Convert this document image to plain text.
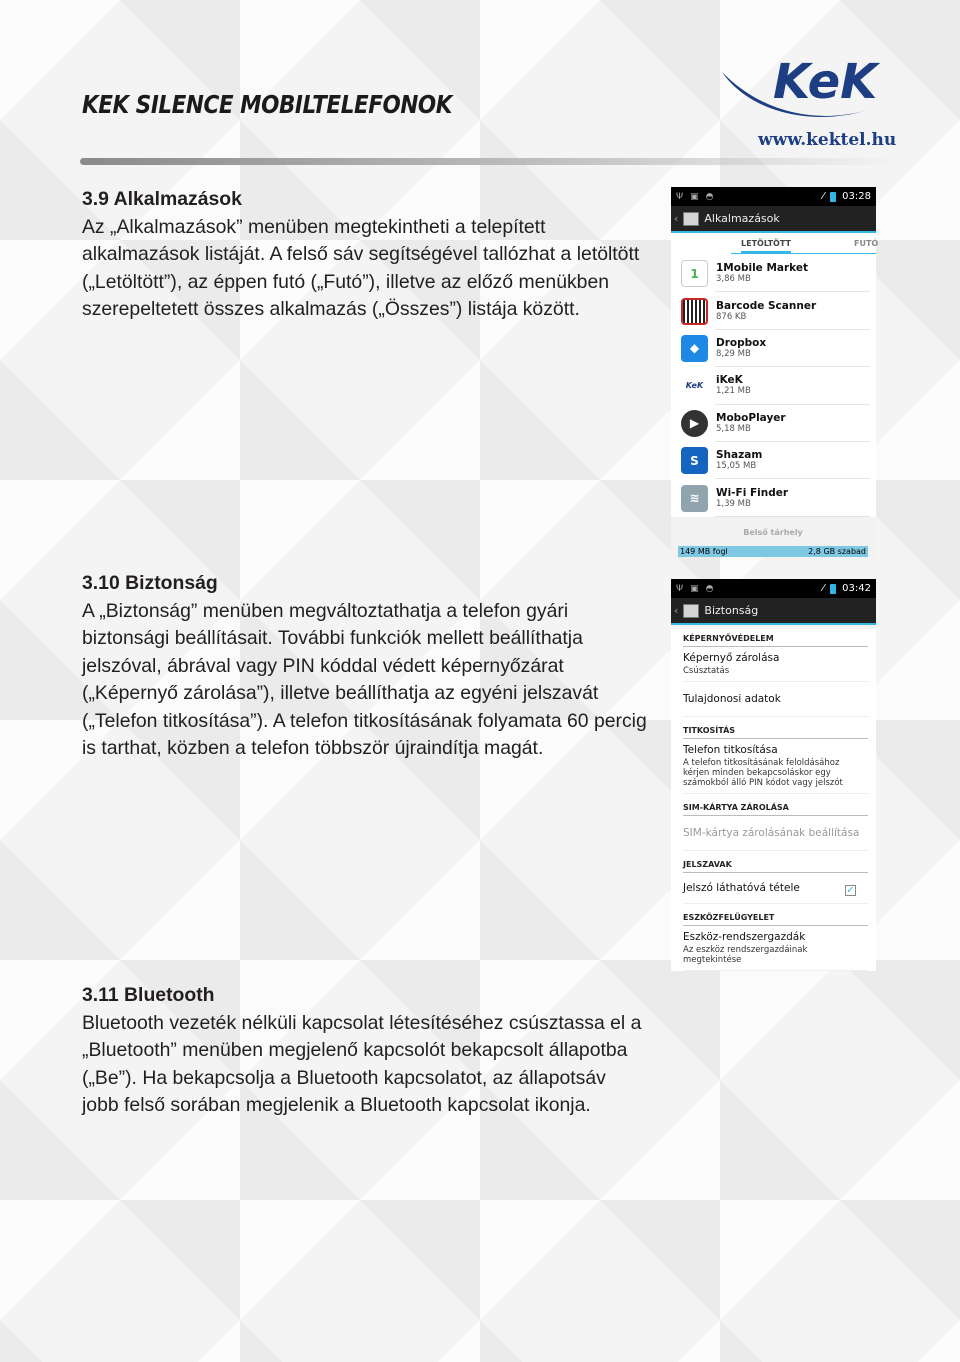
KEK SILENCE MOBILTELEFONOK	KeK
www.kektel.hu
3.9 Alkalmazások

Az „Alkalmazások” menüben megtekintheti a telepített alkalmazások listáját. A felső sáv segítségével tallózhat a letöltött („Letöltött”), az éppen futó („Futó”), illetve az előző menükben szerepeltetett összes alkalmazás („Összes”) listája között.

3.10 Biztonság

A „Biztonság” menüben megváltoztathatja a telefon gyári biztonsági beállításait. További funkciók mellett beállíthatja jelszóval, ábrával vagy PIN kóddal védett képernyőzárat („Képernyő zárolása”), illetve beállíthatja az egyéni jelszavát („Telefon titkosítása”). A telefon titkosításának folyamata 60 percig is tarthat, közben a telefon többször újraindítja magát.

3.11 Bluetooth

Bluetooth vezeték nélküli kapcsolat létesítéséhez csúsztassa el a „Bluetooth” menüben megjelenő kapcsolót bekapcsolt állapotba („Be”). Ha bekapcsolja a Bluetooth kapcsolatot, az állapotsáv jobb felső sorában megjelenik a Bluetooth kapcsolat ikonja.

Ψ ▣ ◓	⁄ 03:28
‹ Alkalmazások
LETÖLTÖTT	FUTÓ
1	1Mobile Market
3,86 MB
Barcode Scanner
876 KB
◆	Dropbox
8,29 MB
KeK	iKeK
1,21 MB
▶	MoboPlayer
5,18 MB
S	Shazam
15,05 MB
≋	Wi-Fi Finder
1,39 MB
Belső tárhely
149 MB fogl	2,8 GB szabad
Ψ ▣ ◓	⁄ 03:42
‹ Biztonság
KÉPERNYŐVÉDELEM
Képernyő zárolása
Csúsztatás
Tulajdonosi adatok
TITKOSÍTÁS
Telefon titkosítása
A telefon titkosításának feloldásához kérjen minden bekapcsoláskor egy számokból álló PIN kódot vagy jelszót
SIM-KÁRTYA ZÁROLÁSA
SIM-kártya zárolásának beállítása
JELSZAVAK
Jelszó láthatóvá tétele	✓
ESZKÖZFELÜGYELET
Eszköz-rendszergazdák
Az eszköz rendszergazdáinak megtekintése
